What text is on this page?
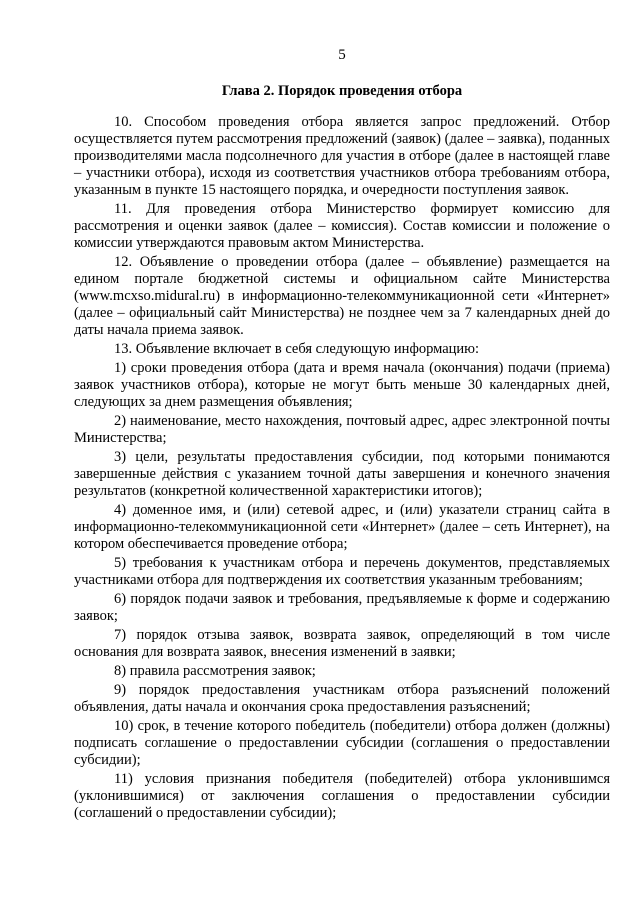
5
Глава 2. Порядок проведения отбора

10. Способом проведения отбора является запрос предложений. Отбор осуществляется путем рассмотрения предложений (заявок) (далее – заявка), поданных производителями масла подсолнечного для участия в отборе (далее в настоящей главе – участники отбора), исходя из соответствия участников отбора требованиям отбора, указанным в пункте 15 настоящего порядка, и очередности поступления заявок.

11. Для проведения отбора Министерство формирует комиссию для рассмотрения и оценки заявок (далее – комиссия). Состав комиссии и положение о комиссии утверждаются правовым актом Министерства.

12. Объявление о проведении отбора (далее – объявление) размещается на едином портале бюджетной системы и официальном сайте Министерства (www.mcxso.midural.ru) в информационно-телекоммуникационной сети «Интернет» (далее – официальный сайт Министерства) не позднее чем за 7 календарных дней до даты начала приема заявок.

13. Объявление включает в себя следующую информацию:

1) сроки проведения отбора (дата и время начала (окончания) подачи (приема) заявок участников отбора), которые не могут быть меньше 30 календарных дней, следующих за днем размещения объявления;

2) наименование, место нахождения, почтовый адрес, адрес электронной почты Министерства;

3) цели, результаты предоставления субсидии, под которыми понимаются завершенные действия с указанием точной даты завершения и конечного значения результатов (конкретной количественной характеристики итогов);

4) доменное имя, и (или) сетевой адрес, и (или) указатели страниц сайта в информационно-телекоммуникационной сети «Интернет» (далее – сеть Интернет), на котором обеспечивается проведение отбора;

5) требования к участникам отбора и перечень документов, представляемых участниками отбора для подтверждения их соответствия указанным требованиям;

6) порядок подачи заявок и требования, предъявляемые к форме и содержанию заявок;

7) порядок отзыва заявок, возврата заявок, определяющий в том числе основания для возврата заявок, внесения изменений в заявки;

8) правила рассмотрения заявок;

9) порядок предоставления участникам отбора разъяснений положений объявления, даты начала и окончания срока предоставления разъяснений;

10) срок, в течение которого победитель (победители) отбора должен (должны) подписать соглашение о предоставлении субсидии (соглашения о предоставлении субсидии);

11) условия признания победителя (победителей) отбора уклонившимся (уклонившимися) от заключения соглашения о предоставлении субсидии (соглашений о предоставлении субсидии);
